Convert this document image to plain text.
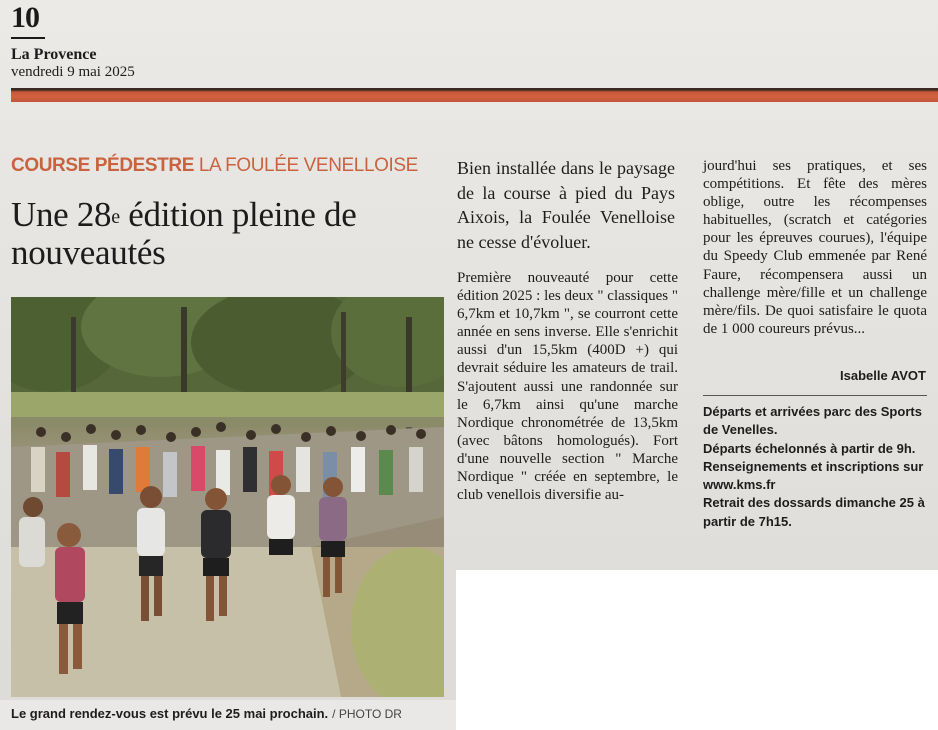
10
La Provence
vendredi 9 mai 2025
COURSE PÉDESTRE LA FOULÉE VENELLOISE
Une 28e édition pleine de nouveautés
Le grand rendez-vous est prévu le 25 mai prochain. / PHOTO DR
Bien installée dans le paysage de la course à pied du Pays Aixois, la Foulée Venelloise ne cesse d'évoluer.
Première nouveauté pour cette édition 2025 : les deux " classiques " 6,7km et 10,7km ", se courront cette année en sens inverse. Elle s'enrichit aussi d'un 15,5km (400D +) qui devrait séduire les amateurs de trail. S'ajoutent aussi une randonnée sur le 6,7km ainsi qu'une marche Nordique chronométrée de 13,5km (avec bâtons homologués). Fort d'une nouvelle section " Marche Nordique " créée en septembre, le club venellois diversifie au-
jourd'hui ses pratiques, et ses compétitions. Et fête des mères oblige, outre les récompenses habituelles, (scratch et catégories pour les épreuves courues), l'équipe du Speedy Club emmenée par René Faure, récompensera aussi un challenge mère/fille et un challenge mère/fils. De quoi satisfaire le quota de 1 000 coureurs prévus...
Isabelle AVOT

Départs et arrivées parc des Sports de Venelles.

Départs échelonnés à partir de 9h.

Renseignements et inscriptions sur www.kms.fr

Retrait des dossards dimanche 25 à partir de 7h15.
